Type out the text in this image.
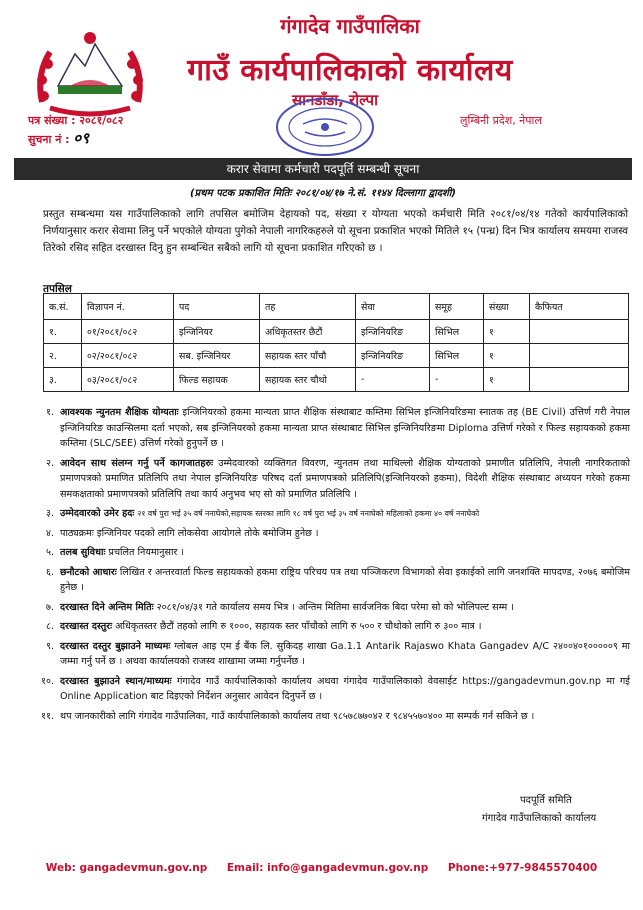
गंगादेव गाउँपालिका
गाउँ कार्यपालिकाको कार्यालय
सानडाँडा, रोल्पा
पत्र संख्या : २०८१/०८२
सुचना नं : ०९
लुम्बिनी प्रदेश, नेपाल
करार सेवामा कर्मचारी पदपूर्ति सम्बन्धी सूचना
(प्रथम पटक प्रकाशित मितिः २०८१/०४/१७ ने.सं. ११४४ दिल्लागा द्वादशी)
प्रस्तुत सम्बन्धमा यस गाउँपालिकाको लागि तपसिल बमोजिम देहायको पद, संख्या र योग्यता भएको कर्मचारी मिति २०८१/०४/१४ गतेको कार्यपालिकाको निर्णयानुसार करार सेवामा लिनु पर्ने भएकोले योग्यता पुगेको नेपाली नागरिकहरुले यो सूचना प्रकाशित भएको मितिले १५ (पन्ध्र) दिन भित्र कार्यालय समयमा राजस्व तिरेको रसिद सहित दरखास्त दिनु हुन सम्बन्धित सबैको लागि यो सूचना प्रकाशित गरिएको छ ।
तपसिल
क.सं.	विज्ञापन नं.	पद	तह	सेवा	समूह	संख्या	कैफियत
१.	०१/२०८१/०८२	इन्जिनियर	अधिकृतस्तर छैटौं	इन्जिनियरिङ	सिभिल	१	
२.	०२/२०८१/०८२	सब. इन्जिनियर	सहायक स्तर पाँचौ	इन्जिनियरिङ	सिभिल	१	
३.	०३/२०८१/०८२	फिल्ड सहायक	सहायक स्तर चौथो	-	-	१	
१. आवश्यक न्युनतम शैक्षिक योग्यताः इन्जिनियरको हकमा मान्यता प्राप्त शैक्षिक संस्थाबाट कम्तिमा सिभिल इन्जिनियरिङमा स्नातक तह (BE Civil) उत्तिर्ण गरी नेपाल इन्जिनियरिङ काउन्सिलमा दर्ता भएको, सब इन्जिनियरको हकमा मान्यता प्राप्त संस्थाबाट सिभिल इन्जिनियरिङमा Diploma उत्तिर्ण गरेको र फिल्ड सहायकको हकमा कम्तिमा (SLC/SEE) उत्तिर्ण गरेको हुनुपर्ने छ ।
२. आवेदन साथ संलग्न गर्नु पर्ने कागजातहरुः उम्मेदवारको व्यक्तिगत विवरण, न्युनतम तथा माथिल्लो शैक्षिक योग्यताको प्रमाणीत प्रतिलिपि, नेपाली नागरिकताको प्रमाणपत्रको प्रमाणित प्रतिलिपि तथा नेपाल इन्जिनियरिङ परिषद दर्ता प्रमाणपत्रको प्रतिलिपि(इन्जिनियरको हकमा), विदेशी शैक्षिक संस्थाबाट अध्ययन गरेको हकमा समकक्षताको प्रमाणपत्रको प्रतिलिपि तथा कार्य अनुभव भए सो को प्रमाणित प्रतिलिपि ।
३. उम्मेदवारको उमेर हदः २१ वर्ष पुरा भई ३५ वर्ष ननाघेको,सहायक स्तरका लागि १८ वर्ष पुरा भई ३५ वर्ष ननाघेको महिलाको हकमा ४० वर्ष ननाघेको
४. पाठ्यक्रमः इन्जिनियर पदको लागि लोकसेवा आयोगले तोके बमोजिम हुनेछ ।
५. तलब सुविधाः प्रचलित नियमानुसार ।
६. छनौटको आधारः लिखित र अन्तरवार्ता फिल्ड सहायकको हकमा राष्ट्रिय परिचय पत्र तथा पञ्जिकरण विभागको सेवा इकाईको लागि जनशक्ति मापदण्ड, २०७६ बमोजिम हुनेछ ।
७. दरखास्त दिने अन्तिम मितिः २०८१/०४/३१ गते कार्यालय समय भित्र । अन्तिम मितिमा सार्वजनिक बिदा परेमा सो को भोलिपल्ट सम्म ।
८. दरखास्त दस्तुरः अधिकृतस्तर छैटौं तहको लागि रु १०००, सहायक स्तर पाँचौको लागि रु ५०० र चौथोको लागि रु ३०० मात्र ।
९. दरखास्त दस्तुर बुझाउने माध्यमः ग्लोबल आइ एम ई बैंक लि. सुकिदह शाखा Ga.1.1 Antarik Rajaswo Khata Gangadev A/C २४००४०१०००००९ मा जम्मा गर्नु पर्ने छ । अथवा कार्यालयको राजस्व शाखामा जम्मा गर्नुपर्नेछ ।
१०. दरखास्त बुझाउने स्थान/माध्यमः गंगादेव गाउँ कार्यपालिकाको कार्यालय अथवा गंगादेव गाउँपालिकाको वेवसाईट https://gangadevmun.gov.np मा गई Online Application बाट दिइएको निर्देशन अनुसार आवेदन दिनुपर्ने छ ।
११. थप जानकारीको लागि गंगादेव गाउँपालिका, गाउँ कार्यपालिकाको कार्यालय तथा ९८५७८७७०४२ र ९८४५५७०४०० मा सम्पर्क गर्न सकिने छ ।
पदपूर्ति समिति
गंगादेव गाउँपालिकाको कार्यालय
Web: gangadevmun.gov.np Email: info@gangadevmun.gov.np Phone:+977-9845570400
